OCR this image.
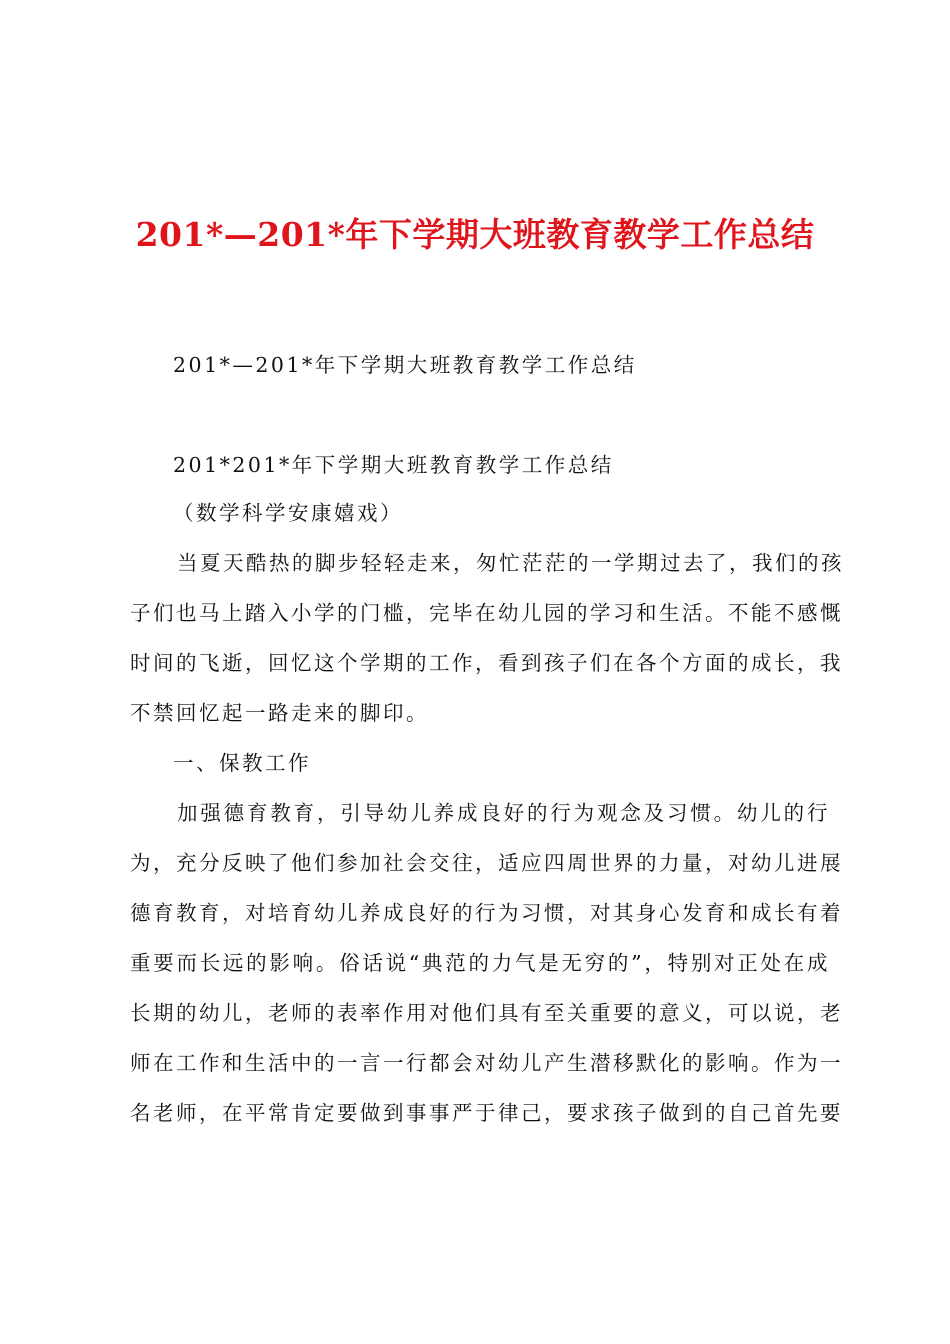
201*—201*年下学期大班教育教学工作总结
201*—201*年下学期大班教育教学工作总结
201*201*年下学期大班教育教学工作总结
（数学科学安康嬉戏）
当夏天酷热的脚步轻轻走来，匆忙茫茫的一学期过去了，我们的孩
子们也马上踏入小学的门槛，完毕在幼儿园的学习和生活。不能不感慨
时间的飞逝，回忆这个学期的工作，看到孩子们在各个方面的成长，我
不禁回忆起一路走来的脚印。
一、保教工作
加强德育教育，引导幼儿养成良好的行为观念及习惯。幼儿的行
为，充分反映了他们参加社会交往，适应四周世界的力量，对幼儿进展
德育教育，对培育幼儿养成良好的行为习惯，对其身心发育和成长有着
重要而长远的影响。俗话说“典范的力气是无穷的”，特别对正处在成
长期的幼儿，老师的表率作用对他们具有至关重要的意义，可以说，老
师在工作和生活中的一言一行都会对幼儿产生潜移默化的影响。作为一
名老师，在平常肯定要做到事事严于律己，要求孩子做到的自己首先要
